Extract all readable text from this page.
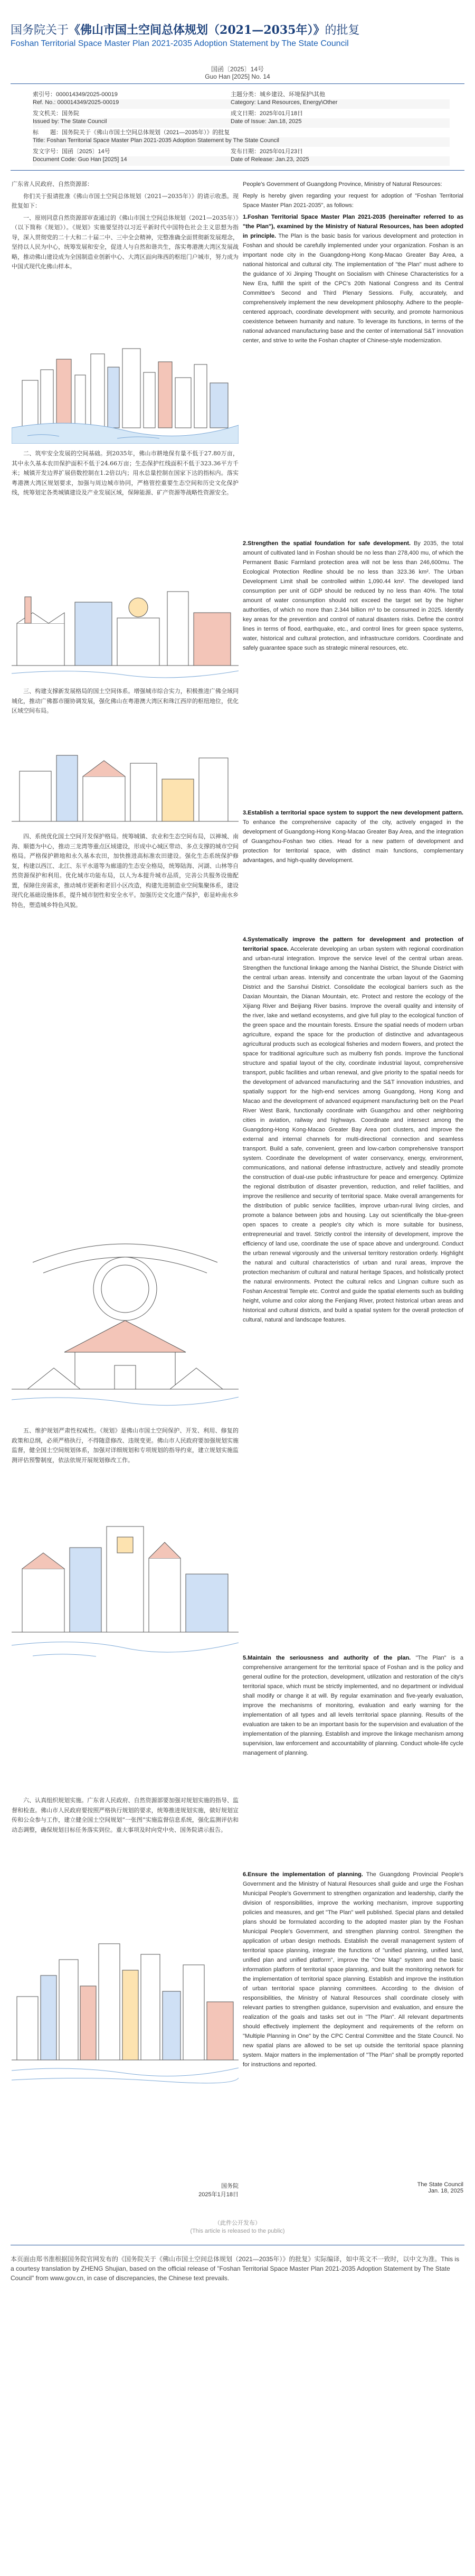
国务院关于《佛山市国土空间总体规划（2021—2035年）》的批复
Foshan Territorial Space Master Plan 2021-2035 Adoption Statement by The State Council
国函〔2025〕14号
Guo Han [2025] No. 14
索引号：000014349/2025-00019	主题分类：城乡建设、环境保护\其他
Ref. No.: 000014349/2025-00019	Category: Land Resources, Energy\Other
发文机关：国务院	成文日期：2025年01月18日
Issued by: The State Council	Date of Issue: Jan.18, 2025
标　　题：国务院关于《佛山市国土空间总体规划（2021—2035年）》的批复
Title: Foshan Territorial Space Master Plan 2021-2035 Adoption Statement by The State Council
发文字号：国函〔2025〕14号	发布日期：2025年01月23日
Document Code: Guo Han [2025] 14	Date of Release: Jan.23, 2025

广东省人民政府、自然资源部：

你们关于报请批准《佛山市国土空间总体规划（2021—2035年）》的请示收悉。现批复如下：

一、原则同意自然资源部审查通过的《佛山市国土空间总体规划（2021—2035年）》（以下简称《规划》）。《规划》实施要坚持以习近平新时代中国特色社会主义思想为指导，深入贯彻党的二十大和二十届二中、三中全会精神，完整准确全面贯彻新发展理念，坚持以人民为中心，统筹发展和安全，促进人与自然和谐共生，落实粤港澳大湾区发展战略，推动佛山建设成为全国制造业创新中心、大湾区面向珠西的枢纽门户城市，努力成为中国式现代化佛山样本。

二、筑牢安全发展的空间基础。到2035年，佛山市耕地保有量不低于27.80万亩，其中永久基本农田保护面积不低于24.66万亩；生态保护红线面积不低于323.36平方千米；城镇开发边界扩展倍数控制在1.2倍以内；用水总量控制在国家下达的指标内。落实粤港澳大湾区规划要求，加强与周边城市协同，严格管控重要生态空间和历史文化保护线，统筹划定各类城镇建设及产业发展区域，保障能源、矿产资源等战略性资源安全。

三、构建支撑新发展格局的国土空间体系。增强城市综合实力，积极推进广佛全域同城化，推动广佛都市圈协调发展，强化佛山在粤港澳大湾区和珠江西岸的枢纽地位，优化区域空间布局。

四、系统优化国土空间开发保护格局。统筹城镇、农业和生态空间布局，以禅城、南海、顺德为中心，推动三龙湾等重点区域建设，形成中心城区带动、多点支撑的城市空间格局。严格保护耕地和永久基本农田，加快推进高标准农田建设。强化生态系统保护修复，构建以西江、北江、东平水道等为廊道的生态安全格局，统筹陆海、河湖、山林等自然资源保护和利用。优化城市功能布局，以人为本提升城市品质，完善公共服务设施配置，保障住房需求，推动城市更新和老旧小区改造，构建先进制造业空间集聚体系，建设现代化基础设施体系，提升城市韧性和安全水平。加强历史文化遗产保护，彰显岭南水乡特色，塑造城乡特色风貌。

五、维护规划严肃性权威性。《规划》是佛山市国土空间保护、开发、利用、修复的政策和总纲，必须严格执行，不得随意修改、违规变更。佛山市人民政府要加强规划实施监督，健全国土空间规划体系，加强对详细规划和专项规划的指导约束，建立规划实施监测评估预警制度，依法依规开展规划修改工作。

六、认真组织规划实施。广东省人民政府、自然资源部要加强对规划实施的指导、监督和检查。佛山市人民政府要按照严格执行规划的要求，统筹推进规划实施，做好规划宣传和公众参与工作，建立健全国土空间规划“一张图”实施监督信息系统，强化监测评估和动态调整，确保规划目标任务落实到位。重大事项及时向党中央、国务院请示报告。

国务院
2025年1月18日

People's Government of Guangdong Province, Ministry of Natural Resources:

Reply is hereby given regarding your request for adoption of "Foshan Territorial Space Master Plan 2021-2035", as follows:

1.Foshan Territorial Space Master Plan 2021-2035 (hereinafter referred to as "the Plan"), examined by the Ministry of Natural Resources, has been adopted in principle. The Plan is the basic basis for various development and protection in Foshan and should be carefully implemented under your organization. Foshan is an important node city in the Guangdong-Hong Kong-Macao Greater Bay Area, a national historical and cultural city. The implementation of "the Plan" must adhere to the guidance of Xi Jinping Thought on Socialism with Chinese Characteristics for a New Era, fulfill the spirit of the CPC's 20th National Congress and its Central Committee's Second and Third Plenary Sessions. Fully, accurately, and comprehensively implement the new development philosophy. Adhere to the people-centered approach, coordinate development with security, and promote harmonious coexistence between humanity and nature. To leverage its functions, in terms of the national advanced manufacturing base and the center of international S&T innovation center, and strive to write the Foshan chapter of Chinese-style modernization.

2.Strengthen the spatial foundation for safe development. By 2035, the total amount of cultivated land in Foshan should be no less than 278,400 mu, of which the Permanent Basic Farmland protection area will not be less than 246,600mu. The Ecological Protection Redline should be no less than 323.36 km². The Urban Development Limit shall be controlled within 1,090.44 km². The developed land consumption per unit of GDP should be reduced by no less than 40%. The total amount of water consumption should not exceed the target set by the higher authorities, of which no more than 2.344 billion m³ to be consumed in 2025. Identify key areas for the prevention and control of natural disasters risks. Define the control lines in terms of flood, earthquake, etc., and control lines for green space systems, water, historical and cultural protection, and infrastructure corridors. Coordinate and safely guarantee space such as strategic mineral resources, etc.

3.Establish a territorial space system to support the new development pattern. To enhance the comprehensive capacity of the city, actively engaged in the development of Guangdong-Hong Kong-Macao Greater Bay Area, and the integration of Guangzhou-Foshan two cities. Head for a new pattern of development and protection for territorial space, with distinct main functions, complementary advantages, and high-quality development.

4.Systematically improve the pattern for development and protection of territorial space. Accelerate developing an urban system with regional coordination and urban-rural integration. Improve the service level of the central urban areas. Strengthen the functional linkage among the Nanhai District, the Shunde District with the central urban areas. Intensify and concentrate the urban layout of the Gaoming District and the Sanshui District. Consolidate the ecological barriers such as the Daxian Mountain, the Dianan Mountain, etc. Protect and restore the ecology of the Xijiang River and Beijiang River basins. Improve the overall quality and intensity of the river, lake and wetland ecosystems, and give full play to the ecological function of the green space and the mountain forests. Ensure the spatial needs of modern urban agriculture, expand the space for the production of distinctive and advantageous agricultural products such as ecological fisheries and modern flowers, and protect the space for traditional agriculture such as mulberry fish ponds. Improve the functional structure and spatial layout of the city, coordinate industrial layout, comprehensive transport, public facilities and urban renewal, and give priority to the spatial needs for the development of advanced manufacturing and the S&T innovation industries, and spatially support for the high-end services among Guangdong, Hong Kong and Macao and the development of advanced equipment manufacturing belt on the Pearl River West Bank, functionally coordinate with Guangzhou and other neighboring cities in aviation, railway and highways. Coordinate and intersect among the Guangdong-Hong Kong-Macao Greater Bay Area port clusters, and improve the external and internal channels for multi-directional connection and seamless transport. Build a safe, convenient, green and low-carbon comprehensive transport system. Coordinate the development of water conservancy, energy, environment, communications, and national defense infrastructure, actively and steadily promote the construction of dual-use public infrastructure for peace and emergency. Optimize the regional distribution of disaster prevention, reduction, and relief facilities, and improve the resilience and security of territorial space. Make overall arrangements for the distribution of public service facilities, improve urban-rural living circles, and promote a balance between jobs and housing. Lay out scientifically the blue-green open spaces to create a people's city which is more suitable for business, entrepreneurial and travel. Strictly control the intensity of development, improve the efficiency of land use, coordinate the use of space above and underground. Conduct the urban renewal vigorously and the universal territory restoration orderly. Highlight the natural and cultural characteristics of urban and rural areas, improve the protection mechanism of cultural and natural heritage Spaces, and holistically protect the natural environments. Protect the cultural relics and Lingnan culture such as Foshan Ancestral Temple etc. Control and guide the spatial elements such as building height, volume and color along the Fenjiang River, protect historical urban areas and historical and cultural districts, and build a spatial system for the overall protection of cultural, natural and landscape features.

5.Maintain the seriousness and authority of the plan. "The Plan" is a comprehensive arrangement for the territorial space of Foshan and is the policy and general outline for the protection, development, utilization and restoration of the city's territorial space, which must be strictly implemented, and no department or individual shall modify or change it at will. By regular examination and five-yearly evaluation, improve the mechanisms of monitoring, evaluation and early warning for the implementation of all types and all levels territorial space planning. Results of the evaluation are taken to be an important basis for the supervision and evaluation of the implementation of the planning. Establish and improve the linkage mechanism among supervision, law enforcement and accountability of planning. Conduct whole-life cycle management of planning.

6.Ensure the implementation of planning. The Guangdong Provincial People's Government and the Ministry of Natural Resources shall guide and urge the Foshan Municipal People's Government to strengthen organization and leadership, clarify the division of responsibilities, improve the working mechanism, improve supporting policies and measures, and get "The Plan" well published. Special plans and detailed plans should be formulated according to the adopted master plan by the Foshan Municipal People's Government, and strengthen planning control. Strengthen the application of urban design methods. Establish the overall management system of territorial space planning, integrate the functions of "unified planning, unified land, unified plan and unified platform", improve the "One Map" system and the basic information platform of territorial space planning, and built the monitoring network for the implementation of territorial space planning. Establish and improve the institution of urban territorial space planning committees. According to the division of responsibilities, the Ministry of Natural Resources shall coordinate closely with relevant parties to strengthen guidance, supervision and evaluation, and ensure the realization of the goals and tasks set out in "The Plan". All relevant departments should effectively implement the deployment and requirements of the reform on "Multiple Planning in One" by the CPC Central Committee and the State Council. No new spatial plans are allowed to be set up outside the territorial space planning system. Major matters in the implementation of "The Plan" shall be promptly reported for instructions and reported.

The State Council
Jan. 18, 2025
（此件公开发布）
(This article is released to the public)
本页面由郑书淮根据国务院官网发布的《国务院关于《佛山市国土空间总体规划（2021—2035年）》的批复》实际编译，如中英文不一致时，以中文为准。This is a courtesy translation by ZHENG Shujian, based on the official release of "Foshan Territorial Space Master Plan 2021-2035 Adoption Statement by The State Council" from www.gov.cn, in case of discrepancies, the Chinese text prevails.
